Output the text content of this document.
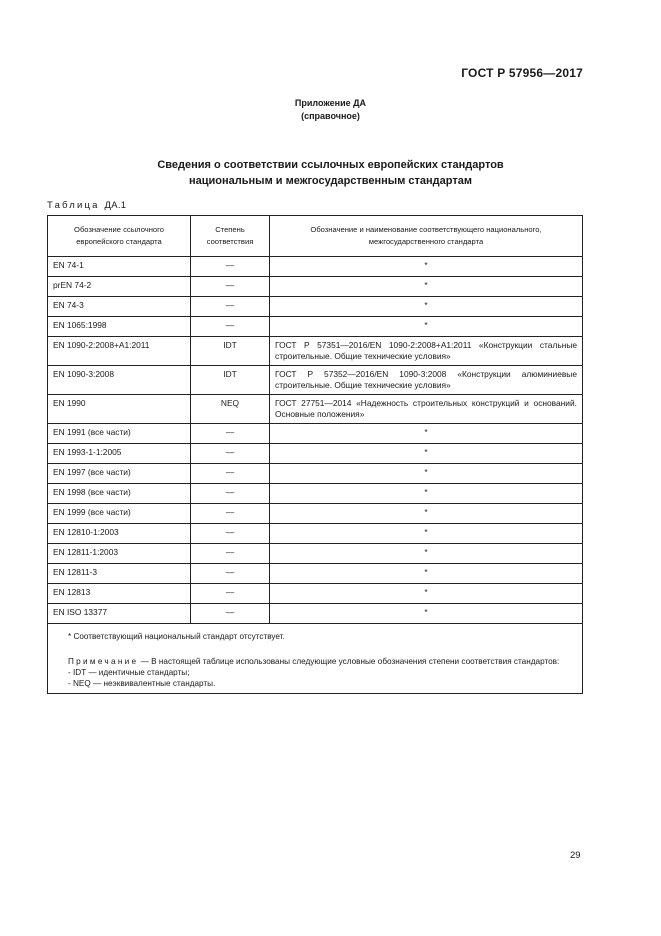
ГОСТ Р 57956—2017
Приложение ДА
(справочное)
Сведения о соответствии ссылочных европейских стандартов
национальным и межгосударственным стандартам
Таблица ДА.1
Обозначение ссылочного европейского стандарта	Степень соответствия	Обозначение и наименование соответствующего национального, межгосударственного стандарта
EN 74-1	—	*
prEN 74-2	—	*
EN 74-3	—	*
EN 1065:1998	—	*
EN 1090-2:2008+A1:2011	IDT	ГОСТ Р 57351—2016/EN 1090-2:2008+A1:2011 «Конструкции стальные строительные. Общие технические условия»
EN 1090-3:2008	IDT	ГОСТ Р 57352—2016/EN 1090-3:2008 «Конструкции алюминиевые строительные. Общие технические условия»
EN 1990	NEQ	ГОСТ 27751—2014 «Надежность строительных конструкций и оснований. Основные положения»
EN 1991 (все части)	—	*
EN 1993-1-1:2005	—	*
EN 1997 (все части)	—	*
EN 1998 (все части)	—	*
EN 1999 (все части)	—	*
EN 12810-1:2003	—	*
EN 12811-1:2003	—	*
EN 12811-3	—	*
EN 12813	—	*
EN ISO 13377	—	*

* Соответствующий национальный стандарт отсутствует.
Примечание — В настоящей таблице использованы следующие условные обозначения степени соответствия стандартов:
- IDT — идентичные стандарты;
- NEQ — неэквивалентные стандарты.		
29
